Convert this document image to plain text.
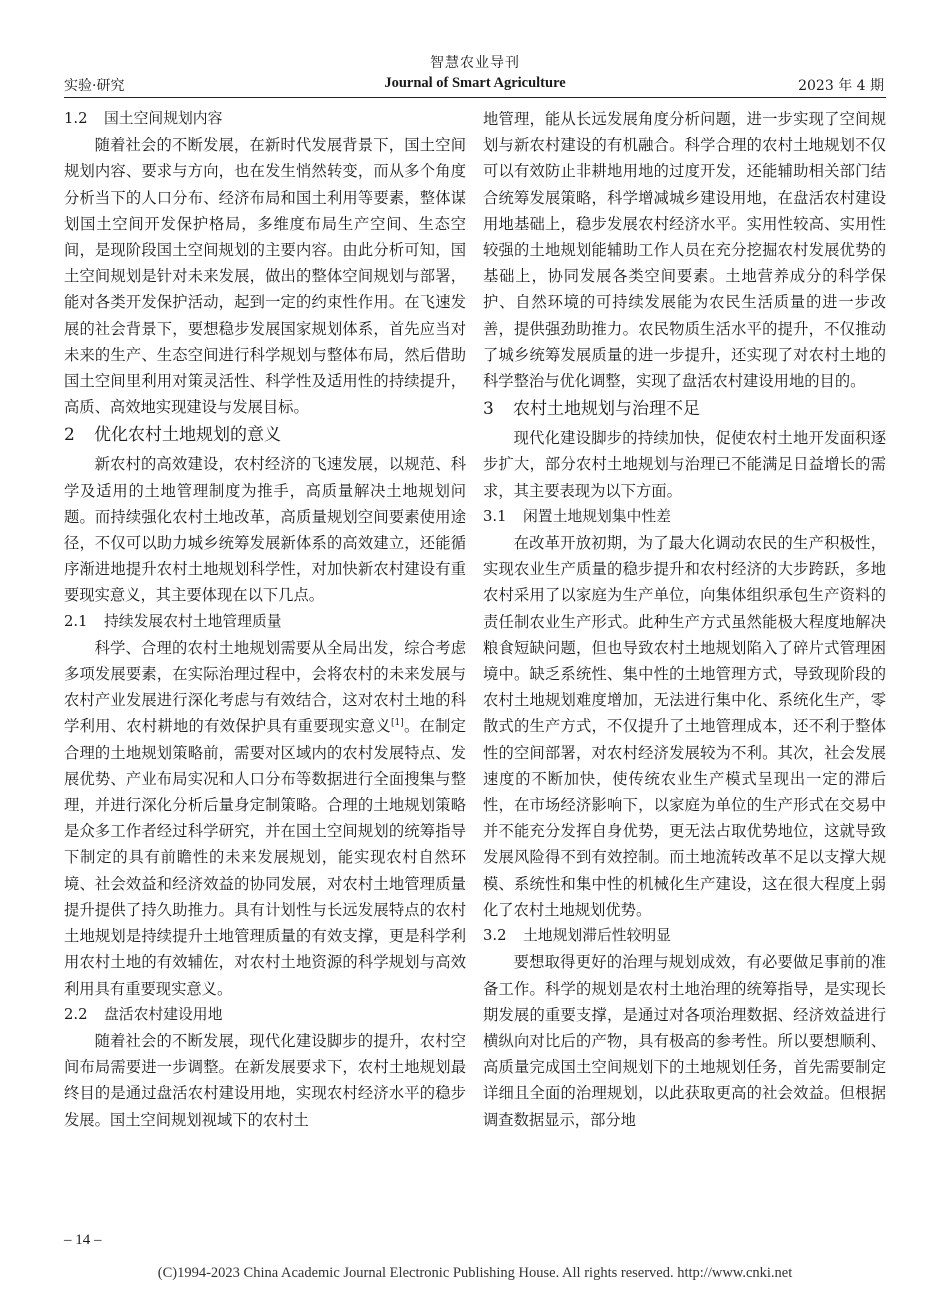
智慧农业导刊
Journal of Smart Agriculture
实验·研究	2023 年 4 期
1.2 国土空间规划内容

随着社会的不断发展，在新时代发展背景下，国土空间规划内容、要求与方向，也在发生悄然转变，而从多个角度分析当下的人口分布、经济布局和国土利用等要素，整体谋划国土空间开发保护格局，多维度布局生产空间、生态空间，是现阶段国土空间规划的主要内容。由此分析可知，国土空间规划是针对未来发展，做出的整体空间规划与部署，能对各类开发保护活动，起到一定的约束性作用。在飞速发展的社会背景下，要想稳步发展国家规划体系，首先应当对未来的生产、生态空间进行科学规划与整体布局，然后借助国土空间里利用对策灵活性、科学性及适用性的持续提升，高质、高效地实现建设与发展目标。

2 优化农村土地规划的意义

新农村的高效建设，农村经济的飞速发展，以规范、科学及适用的土地管理制度为推手，高质量解决土地规划问题。而持续强化农村土地改革，高质量规划空间要素使用途径，不仅可以助力城乡统筹发展新体系的高效建立，还能循序渐进地提升农村土地规划科学性，对加快新农村建设有重要现实意义，其主要体现在以下几点。

2.1 持续发展农村土地管理质量

科学、合理的农村土地规划需要从全局出发，综合考虑多项发展要素，在实际治理过程中，会将农村的未来发展与农村产业发展进行深化考虑与有效结合，这对农村土地的科学利用、农村耕地的有效保护具有重要现实意义[1]。在制定合理的土地规划策略前，需要对区域内的农村发展特点、发展优势、产业布局实况和人口分布等数据进行全面搜集与整理，并进行深化分析后量身定制策略。合理的土地规划策略是众多工作者经过科学研究，并在国土空间规划的统筹指导下制定的具有前瞻性的未来发展规划，能实现农村自然环境、社会效益和经济效益的协同发展，对农村土地管理质量提升提供了持久助推力。具有计划性与长远发展特点的农村土地规划是持续提升土地管理质量的有效支撑，更是科学利用农村土地的有效辅佐，对农村土地资源的科学规划与高效利用具有重要现实意义。

2.2 盘活农村建设用地

随着社会的不断发展，现代化建设脚步的提升，农村空间布局需要进一步调整。在新发展要求下，农村土地规划最终目的是通过盘活农村建设用地，实现农村经济水平的稳步发展。国土空间规划视域下的农村土

地管理，能从长远发展角度分析问题，进一步实现了空间规划与新农村建设的有机融合。科学合理的农村土地规划不仅可以有效防止非耕地用地的过度开发，还能辅助相关部门结合统筹发展策略，科学增减城乡建设用地，在盘活农村建设用地基础上，稳步发展农村经济水平。实用性较高、实用性较强的土地规划能辅助工作人员在充分挖掘农村发展优势的基础上，协同发展各类空间要素。土地营养成分的科学保护、自然环境的可持续发展能为农民生活质量的进一步改善，提供强劲助推力。农民物质生活水平的提升，不仅推动了城乡统筹发展质量的进一步提升，还实现了对农村土地的科学整治与优化调整，实现了盘活农村建设用地的目的。

3 农村土地规划与治理不足

现代化建设脚步的持续加快，促使农村土地开发面积逐步扩大，部分农村土地规划与治理已不能满足日益增长的需求，其主要表现为以下方面。

3.1 闲置土地规划集中性差

在改革开放初期，为了最大化调动农民的生产积极性，实现农业生产质量的稳步提升和农村经济的大步跨跃，多地农村采用了以家庭为生产单位，向集体组织承包生产资料的责任制农业生产形式。此种生产方式虽然能极大程度地解决粮食短缺问题，但也导致农村土地规划陷入了碎片式管理困境中。缺乏系统性、集中性的土地管理方式，导致现阶段的农村土地规划难度增加，无法进行集中化、系统化生产，零散式的生产方式，不仅提升了土地管理成本，还不利于整体性的空间部署，对农村经济发展较为不利。其次，社会发展速度的不断加快，使传统农业生产模式呈现出一定的滞后性，在市场经济影响下，以家庭为单位的生产形式在交易中并不能充分发挥自身优势，更无法占取优势地位，这就导致发展风险得不到有效控制。而土地流转改革不足以支撑大规模、系统性和集中性的机械化生产建设，这在很大程度上弱化了农村土地规划优势。

3.2 土地规划滞后性较明显

要想取得更好的治理与规划成效，有必要做足事前的准备工作。科学的规划是农村土地治理的统筹指导，是实现长期发展的重要支撑，是通过对各项治理数据、经济效益进行横纵向对比后的产物，具有极高的参考性。所以要想顺利、高质量完成国土空间规划下的土地规划任务，首先需要制定详细且全面的治理规划，以此获取更高的社会效益。但根据调查数据显示，部分地

– 14 –
(C)1994-2023 China Academic Journal Electronic Publishing House. All rights reserved. http://www.cnki.net
